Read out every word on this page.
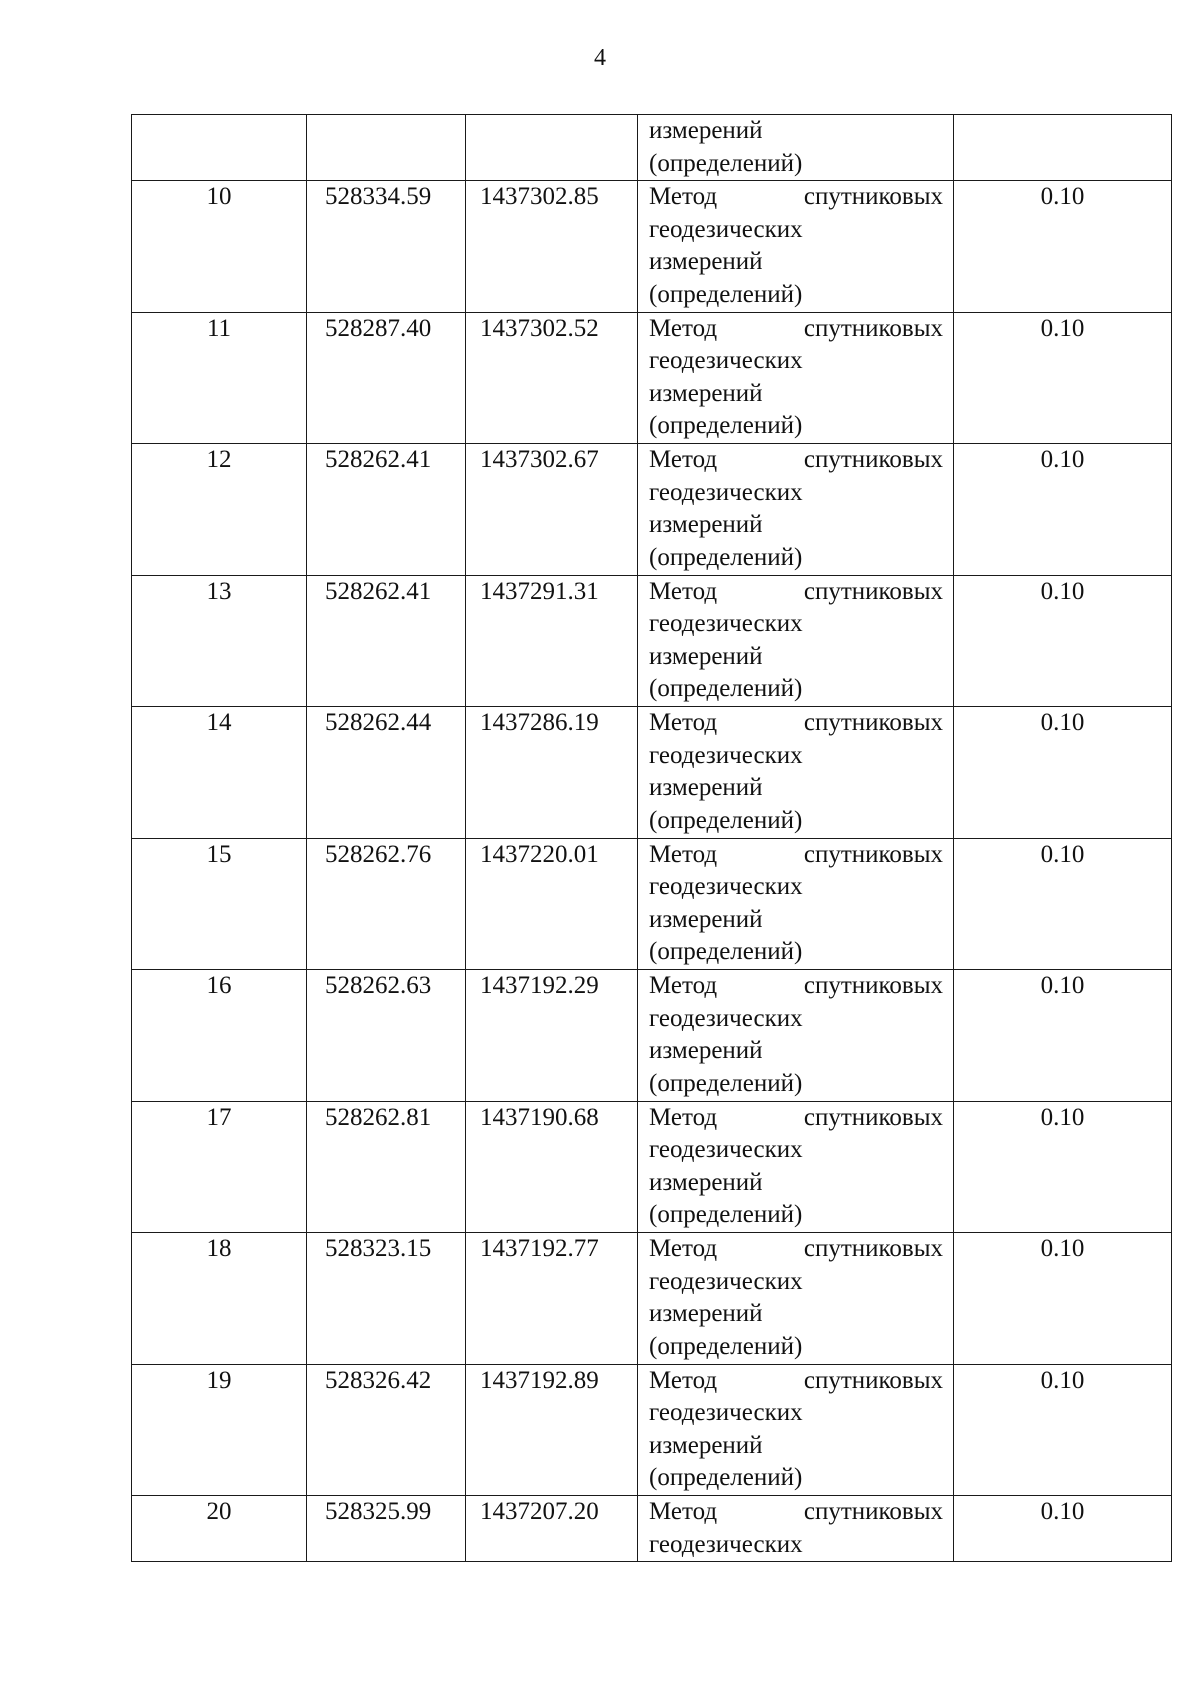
4

			измерений
(определений)	

10	528334.59	1437302.85	Метод спутниковых
геодезических
измерений
(определений)	0.10
11	528287.40	1437302.52	Метод спутниковых
геодезических
измерений
(определений)	0.10
12	528262.41	1437302.67	Метод спутниковых
геодезических
измерений
(определений)	0.10
13	528262.41	1437291.31	Метод спутниковых
геодезических
измерений
(определений)	0.10
14	528262.44	1437286.19	Метод спутниковых
геодезических
измерений
(определений)	0.10
15	528262.76	1437220.01	Метод спутниковых
геодезических
измерений
(определений)	0.10
16	528262.63	1437192.29	Метод спутниковых
геодезических
измерений
(определений)	0.10
17	528262.81	1437190.68	Метод спутниковых
геодезических
измерений
(определений)	0.10
18	528323.15	1437192.77	Метод спутниковых
геодезических
измерений
(определений)	0.10
19	528326.42	1437192.89	Метод спутниковых
геодезических
измерений
(определений)	0.10
20	528325.99	1437207.20	Метод спутниковых
геодезических	0.10
